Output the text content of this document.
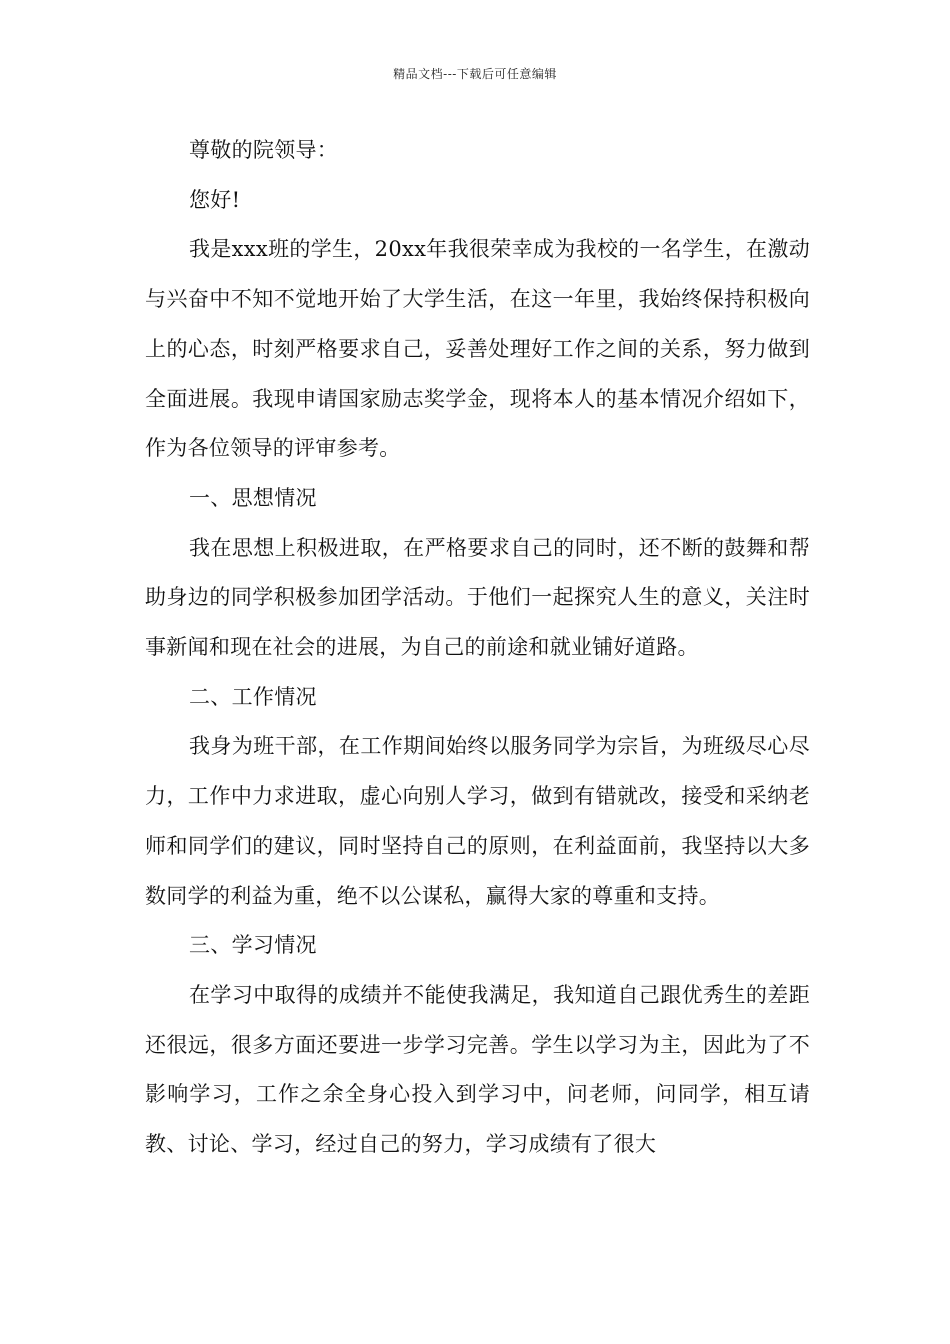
精品文档---下载后可任意编辑

尊敬的院领导：

您好!

我是xxx班的学生，20xx年我很荣幸成为我校的一名学生，在激动与兴奋中不知不觉地开始了大学生活，在这一年里，我始终保持积极向上的心态，时刻严格要求自己，妥善处理好工作之间的关系，努力做到全面进展。我现申请国家励志奖学金，现将本人的基本情况介绍如下，作为各位领导的评审参考。

一、思想情况

我在思想上积极进取，在严格要求自己的同时，还不断的鼓舞和帮助身边的同学积极参加团学活动。于他们一起探究人生的意义，关注时事新闻和现在社会的进展，为自己的前途和就业铺好道路。

二、工作情况

我身为班干部，在工作期间始终以服务同学为宗旨，为班级尽心尽力，工作中力求进取，虚心向别人学习，做到有错就改，接受和采纳老师和同学们的建议，同时坚持自己的原则，在利益面前，我坚持以大多数同学的利益为重，绝不以公谋私，赢得大家的尊重和支持。

三、学习情况

在学习中取得的成绩并不能使我满足，我知道自己跟优秀生的差距还很远，很多方面还要进一步学习完善。学生以学习为主，因此为了不影响学习，工作之余全身心投入到学习中，问老师，问同学，相互请教、讨论、学习，经过自己的努力，学习成绩有了很大
